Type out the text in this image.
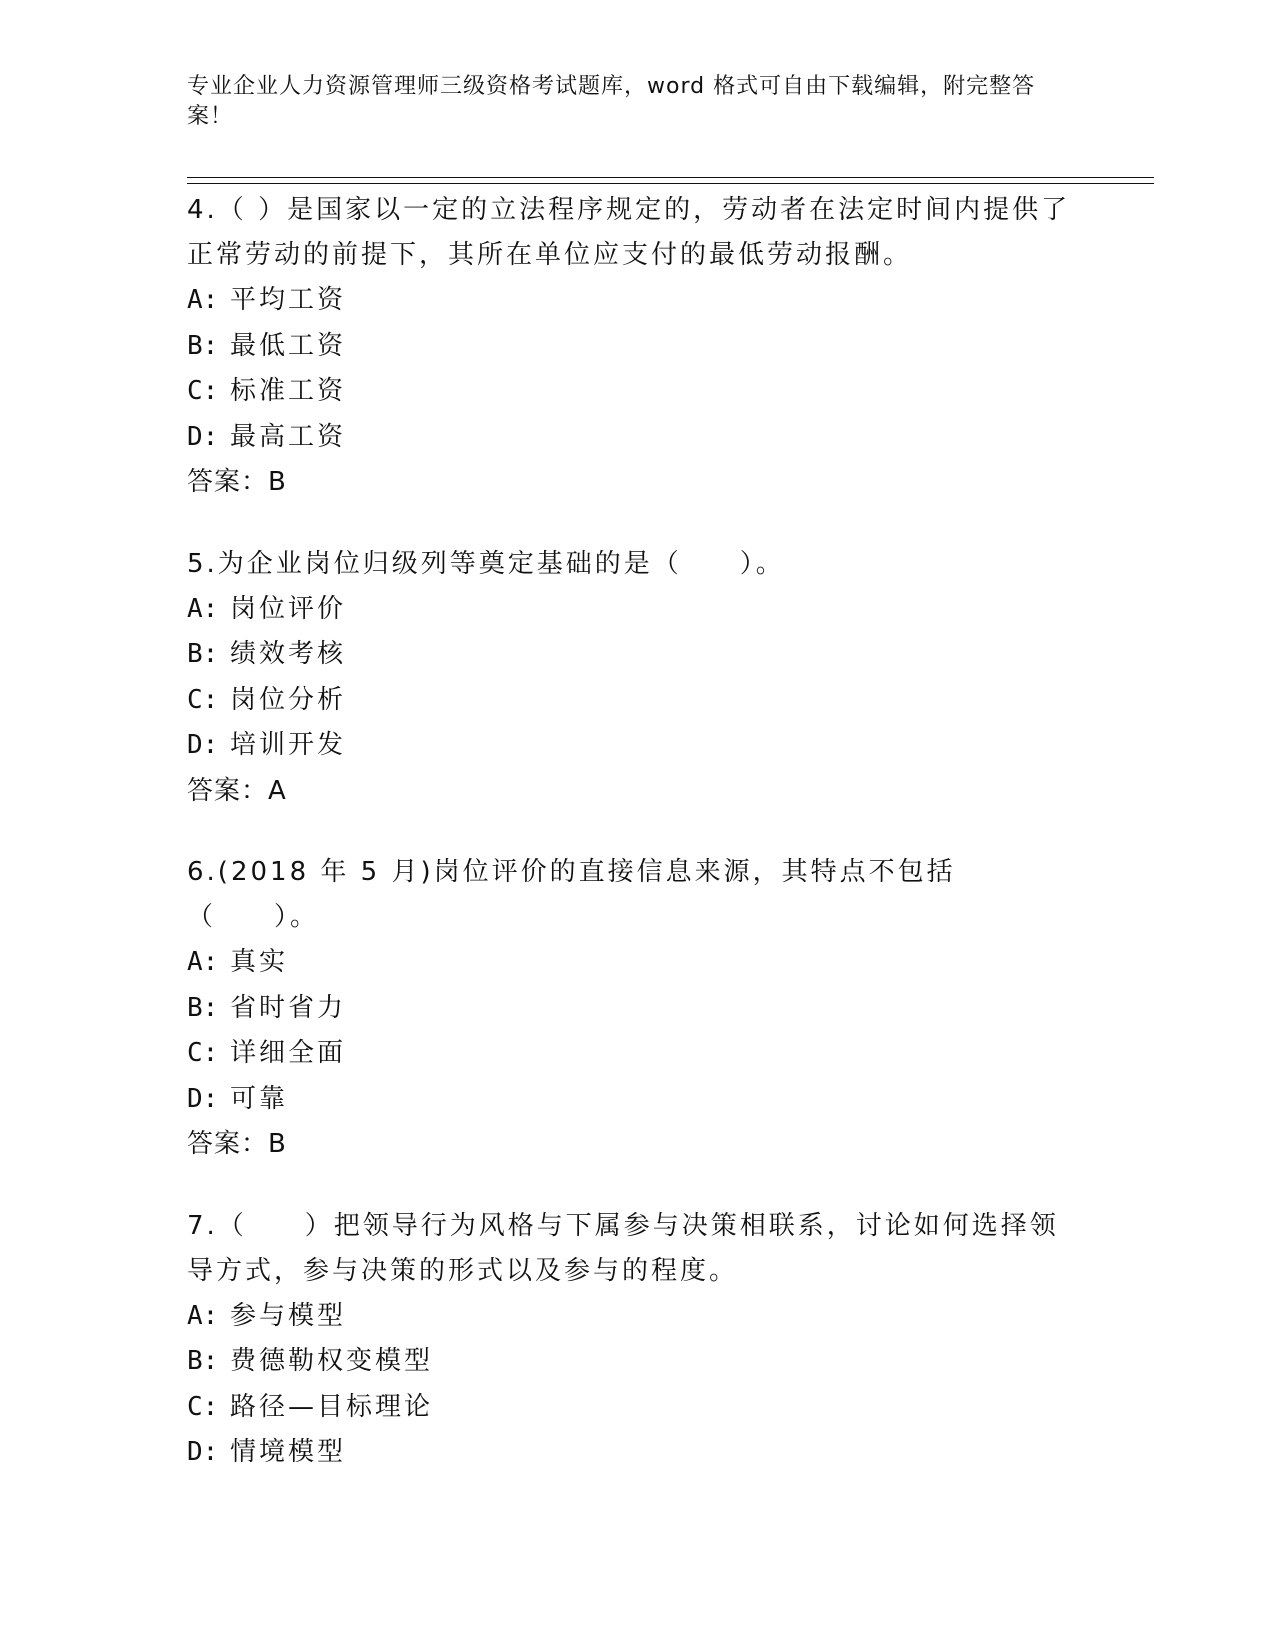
专业企业人力资源管理师三级资格考试题库，word 格式可自由下载编辑，附完整答案！
4.（ ）是国家以一定的立法程序规定的，劳动者在法定时间内提供了正常劳动的前提下，其所在单位应支付的最低劳动报酬。
A: 平均工资
B: 最低工资
C: 标准工资
D: 最高工资
答案：B
5.为企业岗位归级列等奠定基础的是（　　）。
A: 岗位评价
B: 绩效考核
C: 岗位分析
D: 培训开发
答案：A
6.(2018 年 5 月)岗位评价的直接信息来源，其特点不包括（　　）。
A: 真实
B: 省时省力
C: 详细全面
D: 可靠
答案：B
7.（　　）把领导行为风格与下属参与决策相联系，讨论如何选择领导方式，参与决策的形式以及参与的程度。
A: 参与模型
B: 费德勒权变模型
C: 路径—目标理论
D: 情境模型
